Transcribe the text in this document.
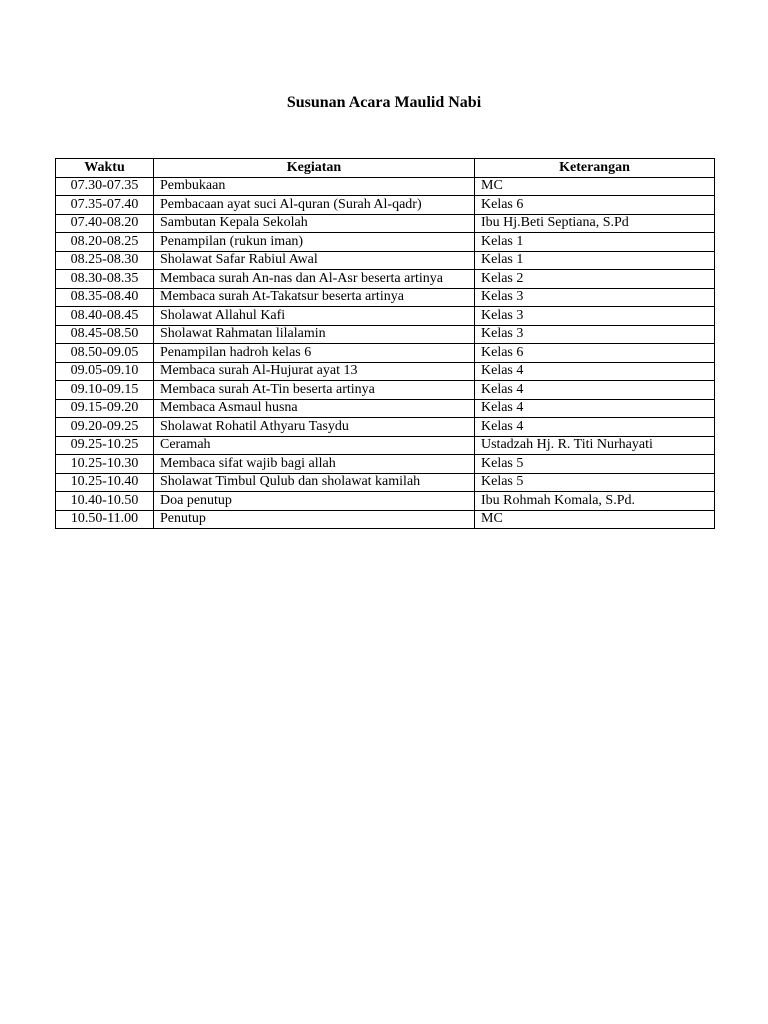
Susunan Acara Maulid Nabi
Waktu	Kegiatan	Keterangan
07.30-07.35	Pembukaan	MC
07.35-07.40	Pembacaan ayat suci Al-quran (Surah Al-qadr)	Kelas 6
07.40-08.20	Sambutan Kepala Sekolah	Ibu Hj.Beti Septiana, S.Pd
08.20-08.25	Penampilan (rukun iman)	Kelas 1
08.25-08.30	Sholawat Safar Rabiul Awal	Kelas 1
08.30-08.35	Membaca surah An-nas dan Al-Asr beserta artinya	Kelas 2
08.35-08.40	Membaca surah At-Takatsur beserta artinya	Kelas 3
08.40-08.45	Sholawat Allahul Kafi	Kelas 3
08.45-08.50	Sholawat Rahmatan lilalamin	Kelas 3
08.50-09.05	Penampilan hadroh kelas 6	Kelas 6
09.05-09.10	Membaca surah Al-Hujurat ayat 13	Kelas 4
09.10-09.15	Membaca surah At-Tin beserta artinya	Kelas 4
09.15-09.20	Membaca Asmaul husna	Kelas 4
09.20-09.25	Sholawat Rohatil Athyaru Tasydu	Kelas 4
09.25-10.25	Ceramah	Ustadzah Hj. R. Titi Nurhayati
10.25-10.30	Membaca sifat wajib bagi allah	Kelas 5
10.25-10.40	Sholawat Timbul Qulub dan sholawat kamilah	Kelas 5
10.40-10.50	Doa penutup	Ibu Rohmah Komala, S.Pd.
10.50-11.00	Penutup	MC
